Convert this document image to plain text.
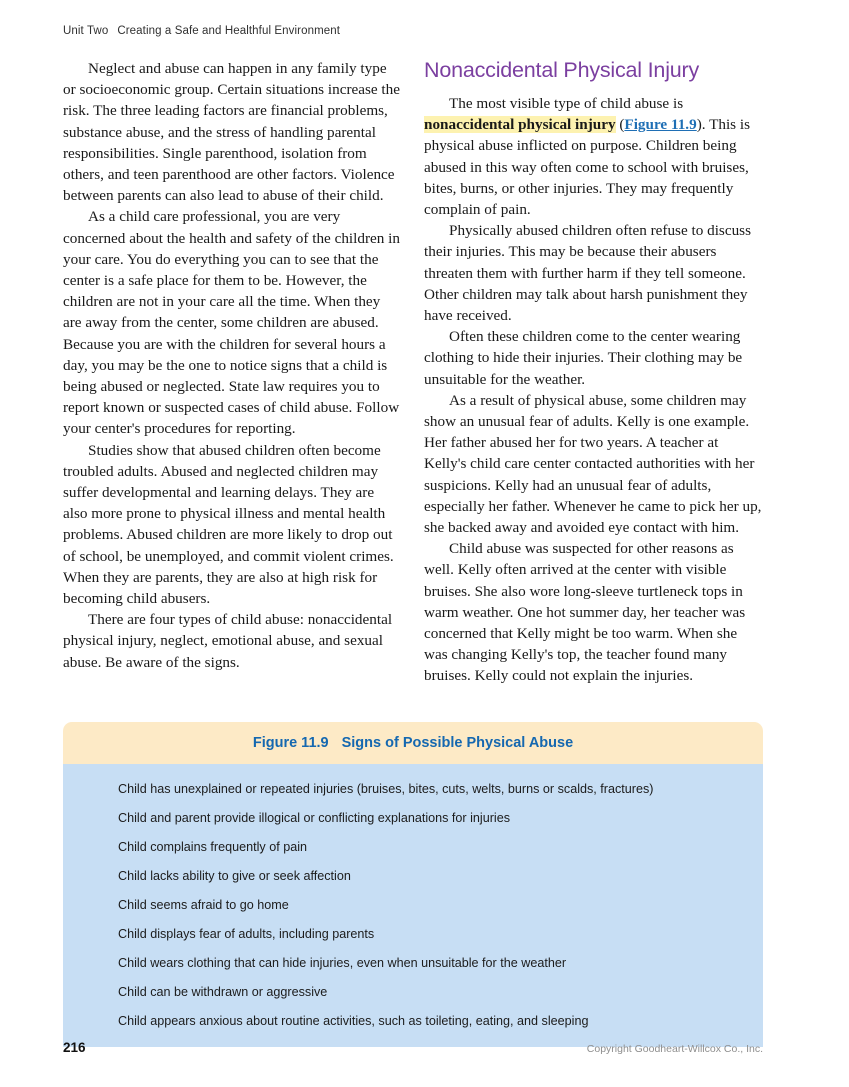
Unit Two Creating a Safe and Healthful Environment

Neglect and abuse can happen in any family type or socioeconomic group. Certain situations increase the risk. The three leading factors are financial problems, substance abuse, and the stress of handling parental responsibilities. Single parenthood, isolation from others, and teen parenthood are other factors. Violence between parents can also lead to abuse of their child.

As a child care professional, you are very concerned about the health and safety of the children in your care. You do everything you can to see that the center is a safe place for them to be. However, the children are not in your care all the time. When they are away from the center, some children are abused. Because you are with the children for several hours a day, you may be the one to notice signs that a child is being abused or neglected. State law requires you to report known or suspected cases of child abuse. Follow your center's procedures for reporting.

Studies show that abused children often become troubled adults. Abused and neglected children may suffer developmental and learning delays. They are also more prone to physical illness and mental health problems. Abused children are more likely to drop out of school, be unemployed, and commit violent crimes. When they are parents, they are also at high risk for becoming child abusers.

There are four types of child abuse: nonaccidental physical injury, neglect, emotional abuse, and sexual abuse. Be aware of the signs.

Nonaccidental Physical Injury

The most visible type of child abuse is nonaccidental physical injury (Figure 11.9). This is physical abuse inflicted on purpose. Children being abused in this way often come to school with bruises, bites, burns, or other injuries. They may frequently complain of pain.

Physically abused children often refuse to discuss their injuries. This may be because their abusers threaten them with further harm if they tell someone. Other children may talk about harsh punishment they have received.

Often these children come to the center wearing clothing to hide their injuries. Their clothing may be unsuitable for the weather.

As a result of physical abuse, some children may show an unusual fear of adults. Kelly is one example. Her father abused her for two years. A teacher at Kelly's child care center contacted authorities with her suspicions. Kelly had an unusual fear of adults, especially her father. Whenever he came to pick her up, she backed away and avoided eye contact with him.

Child abuse was suspected for other reasons as well. Kelly often arrived at the center with visible bruises. She also wore long-sleeve turtleneck tops in warm weather. One hot summer day, her teacher was concerned that Kelly might be too warm. When she was changing Kelly's top, the teacher found many bruises. Kelly could not explain the injuries.

Figure 11.9 Signs of Possible Physical Abuse
Child has unexplained or repeated injuries (bruises, bites, cuts, welts, burns or scalds, fractures)
Child and parent provide illogical or conflicting explanations for injuries
Child complains frequently of pain
Child lacks ability to give or seek affection
Child seems afraid to go home
Child displays fear of adults, including parents
Child wears clothing that can hide injuries, even when unsuitable for the weather
Child can be withdrawn or aggressive
Child appears anxious about routine activities, such as toileting, eating, and sleeping
216	Copyright Goodheart-Willcox Co., Inc.
